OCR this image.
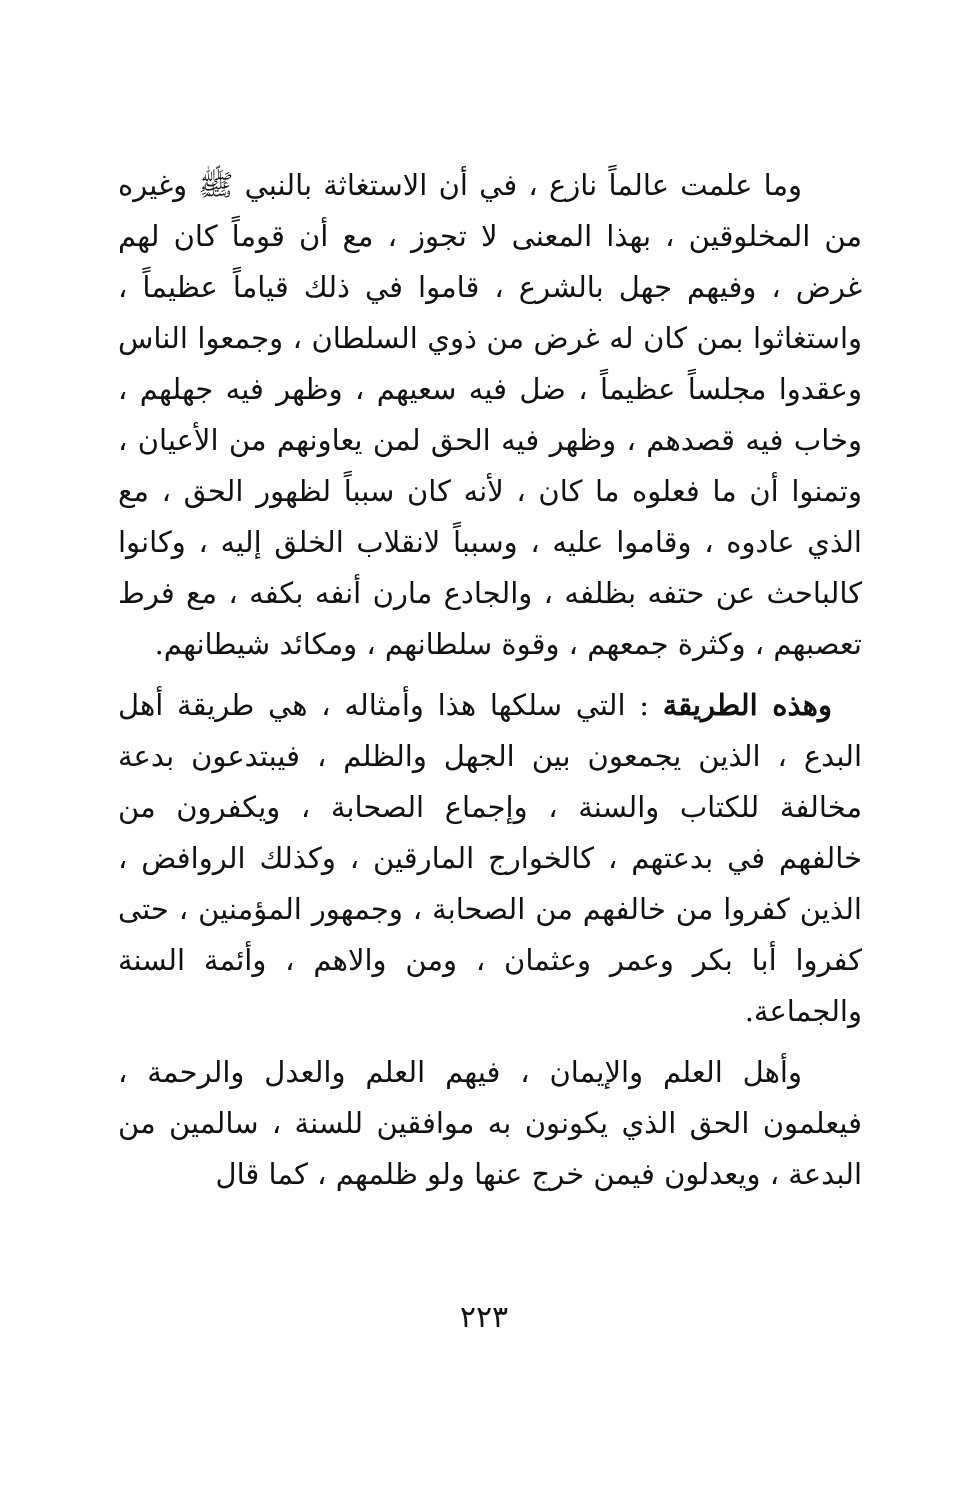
وما علمت عالماً نازع ، في أن الاستغاثة بالنبي ﷺ وغيره من المخلوقين ، بهذا المعنى لا تجوز ، مع أن قوماً كان لهم غرض ، وفيهم جهل بالشرع ، قاموا في ذلك قياماً عظيماً ، واستغاثوا بمن كان له غرض من ذوي السلطان ، وجمعوا الناس وعقدوا مجلساً عظيماً ، ضل فيه سعيهم ، وظهر فيه جهلهم ، وخاب فيه قصدهم ، وظهر فيه الحق لمن يعاونهم من الأعيان ، وتمنوا أن ما فعلوه ما كان ، لأنه كان سبباً لظهور الحق ، مع الذي عادوه ، وقاموا عليه ، وسبباً لانقلاب الخلق إليه ، وكانوا كالباحث عن حتفه بظلفه ، والجادع مارن أنفه بكفه ، مع فرط تعصبهم ، وكثرة جمعهم ، وقوة سلطانهم ، ومكائد شيطانهم.

وهذه الطريقة : التي سلكها هذا وأمثاله ، هي طريقة أهل البدع ، الذين يجمعون بين الجهل والظلم ، فيبتدعون بدعة مخالفة للكتاب والسنة ، وإجماع الصحابة ، ويكفرون من خالفهم في بدعتهم ، كالخوارج المارقين ، وكذلك الروافض ، الذين كفروا من خالفهم من الصحابة ، وجمهور المؤمنين ، حتى كفروا أبا بكر وعمر وعثمان ، ومن والاهم ، وأئمة السنة والجماعة.

وأهل العلم والإيمان ، فيهم العلم والعدل والرحمة ، فيعلمون الحق الذي يكونون به موافقين للسنة ، سالمين من البدعة ، ويعدلون فيمن خرج عنها ولو ظلمهم ، كما قال

٢٢٣
